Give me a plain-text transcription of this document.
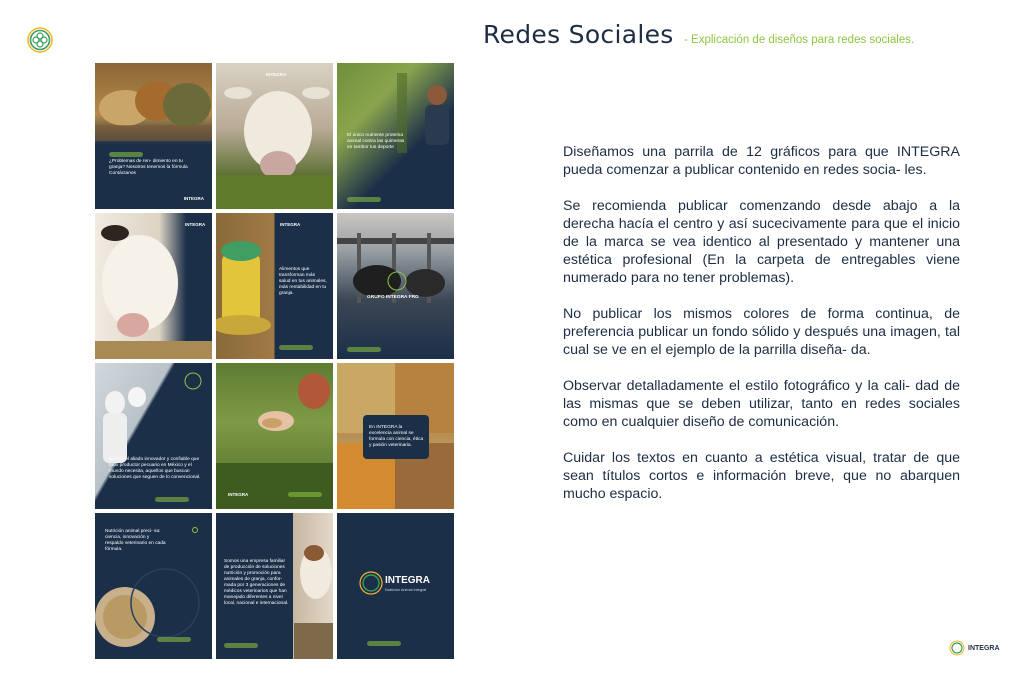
Redes Sociales - Explicación de diseños para redes sociales.
¿Problemas de ren- dimiento en tu granja? Nosotros tenemos la fórmula Contáctanos
INTEGRA
INTEGRA
El único nutriente proteína animal contra las quimeras en tambor tus deporte
INTEGRA	INTEGRA
Alimentos que transforman más salud en tus animales, más rentabilidad en tu granja.
GRUPO INTEGRA FRG
Somos el aliado innovador y confiable que todo productor pecuario en México y el mundo necesita, aquellos que buscan soluciones que seguen de lo convencional.
INTEGRA
En INTEGRA la excelencia animal se formula con ciencia, ética y pasión veterinaria.
Nutrición animal preci- sa: ciencia, innovación y respaldo veterinario en cada fórmula.
Somos una empresa familiar de producción de soluciones nutrición y promoción para animales de granja, confor- mada por 3 generaciones de médicos veterinarios que han manejado diferentes a nivel local, nacional e internacional.
INTEGRA
Nutrición Animal Integral

Diseñamos una parrila de 12 gráficos para que INTEGRA pueda comenzar a publicar contenido en redes socia- les.

Se recomienda publicar comenzando desde abajo a la derecha hacía el centro y así sucecivamente para que el inicio de la marca se vea identico al presentado y mantener una estética profesional (En la carpeta de entregables viene numerado para no tener problemas).

No publicar los mismos colores de forma continua, de preferencia publicar un fondo sólido y después una imagen, tal cual se ve en el ejemplo de la parrilla diseña- da.

Observar detalladamente el estilo fotográfico y la cali- dad de las mismas que se deben utilizar, tanto en redes sociales como en cualquier diseño de comunicación.

Cuidar los textos en cuanto a estética visual, tratar de que sean títulos cortos e información breve, que no abarquen mucho espacio.

INTEGRA
